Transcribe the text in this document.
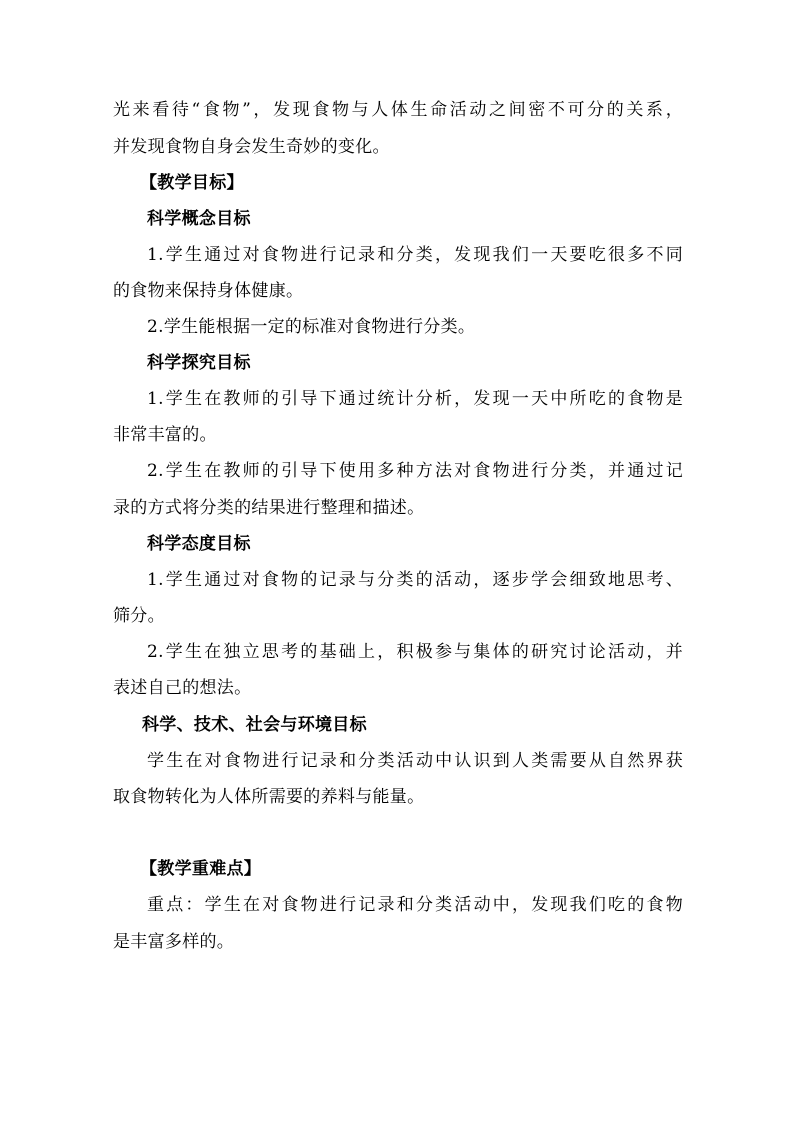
光来看待“食物”，发现食物与人体生命活动之间密不可分的关系，
并发现食物自身会发生奇妙的变化。
【教学目标】
科学概念目标
1.学生通过对食物进行记录和分类，发现我们一天要吃很多不同
的食物来保持身体健康。
2.学生能根据一定的标准对食物进行分类。
科学探究目标
1.学生在教师的引导下通过统计分析，发现一天中所吃的食物是
非常丰富的。
2.学生在教师的引导下使用多种方法对食物进行分类，并通过记
录的方式将分类的结果进行整理和描述。
科学态度目标
1.学生通过对食物的记录与分类的活动，逐步学会细致地思考、
筛分。
2.学生在独立思考的基础上，积极参与集体的研究讨论活动，并
表述自己的想法。
科学、技术、社会与环境目标
学生在对食物进行记录和分类活动中认识到人类需要从自然界获
取食物转化为人体所需要的养料与能量。
【教学重难点】
重点：学生在对食物进行记录和分类活动中，发现我们吃的食物
是丰富多样的。
